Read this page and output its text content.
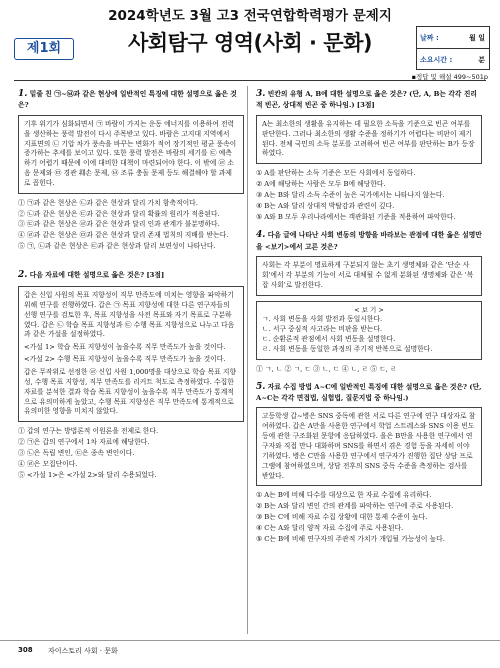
2024학년도 3월 고3 전국연합학력평가 문제지
제1회	사회탐구 영역(사회 · 문화)	날짜 :	월 일
소요시간 :	분
▪정답 및 해설 499~501p
1. 밑줄 친 ㉠~㉥과 같은 현상에 일반적인 특징에 대한 설명으로 옳은 것은?

기후 위기가 심화되면서 ㉠ 바람이 가지는 운동 에너지를 이용하여 전력을 생산하는 풍력 발전이 다시 주목받고 있다. 바람은 고지대 지역에서 지표면의 ㉡ 기압 차가 풍속을 바꾸는 변화가 적어 장기적인 평균 풍속이 증가하는 추세를 보이고 있다. 또한 풍력 발전은 바람의 세기를 ㉢ 예측하기 어렵기 때문에 이에 대비한 대책이 마련되어야 한다. 이 밖에 ㉣ 소음 문제와 ㉤ 경관 훼손 문제, ㉥ 조류 충돌 문제 등도 해결해야 할 과제로 꼽힌다.

① ㉠과 같은 현상은 ㉡과 같은 현상과 달리 가치 함축적이다.
② ㉡과 같은 현상은 ㉢과 같은 현상과 달리 확률의 원리가 적용된다.
③ ㉢과 같은 현상은 ㉣과 같은 현상과 달리 인과 관계가 불분명하다.
④ ㉣과 같은 현상은 ㉤과 같은 현상과 달리 존재 법칙의 지배를 받는다.
⑤ ㉠, ㉡과 같은 현상은 ㉢과 같은 현상과 달리 보편성이 나타난다.
2. 다음 자료에 대한 설명으로 옳은 것은? [3점]

갑은 신입 사원의 목표 지향성이 직무 만족도에 미치는 영향을 파악하기 위해 연구를 진행하였다. 갑은 ㉠ 목표 지향성에 대한 다른 연구자들의 선행 연구를 검토한 후, 목표 지향성을 사전 목표와 자기 목표로 구분하였다. 갑은 ㉡ 학습 목표 지향성과 ㉢ 수행 목표 지향성으로 나누고 다음과 같은 가설을 설정하였다.

<가설 1> 학습 목표 지향성이 높을수록 직무 만족도가 높을 것이다.

<가설 2> 수행 목표 지향성이 높을수록 직무 만족도가 높을 것이다.

갑은 무작위로 선정한 ㉣ 신입 사원 1,000명을 대상으로 학습 목표 지향성, 수행 목표 지향성, 직무 만족도를 리커트 척도로 측정하였다. 수집한 자료를 분석한 결과 학습 목표 지향성이 높을수록 직무 만족도가 통계적으로 유의미하게 높았고, 수행 목표 지향성은 직무 만족도에 통계적으로 유의미한 영향을 미치지 않았다.

① 갑의 연구는 방법론적 이원론을 전제로 한다.
② ㉠은 갑의 연구에서 1차 자료에 해당한다.
③ ㉡은 독립 변인, ㉢은 종속 변인이다.
④ ㉣은 모집단이다.
⑤ <가설 1>은 <가설 2>와 달리 수용되었다.
3. 빈칸의 유형 A, B에 대한 설명으로 옳은 것은? (단, A, B는 각각 진리적 빈곤, 상대적 빈곤 중 하나임.) [3점]

A는 최소한의 생활을 유지하는 데 필요한 소득을 기준으로 빈곤 여부를 판단한다. 그러나 최소한의 생활 수준을 정하기가 어렵다는 비판이 제기된다. 전체 국민의 소득 분포를 고려하여 빈곤 여부를 판단하는 B가 등장하였다.

① A를 판단하는 소득 기준은 모든 사회에서 동일하다.
② A에 해당하는 사람은 모두 B에 해당한다.
③ A는 B와 달리 소득 수준이 높은 국가에서는 나타나지 않는다.
④ B는 A와 달리 상대적 박탈감과 관련이 깊다.
⑤ A와 B 모두 우리나라에서는 객관화된 기준을 적용하여 파악한다.
4. 다음 글에 나타난 사회 변동의 방향을 바라보는 관점에 대한 옳은 설명만을 <보기>에서 고른 것은?

사회는 각 부분이 명료하게 구분되지 않는 초기 생명체와 같은 '단순 사회'에서 각 부분의 기능이 서로 대체될 수 없게 분화된 생명체와 같은 '복잡 사회'로 발전한다.

< 보 기 >

ㄱ. 사회 변동을 사회 발전과 동일시한다.

ㄴ. 서구 중심적 사고라는 비판을 받는다.

ㄷ. 순환론적 관점에서 사회 변동을 설명한다.

ㄹ. 사회 변동을 동일한 과정의 주기적 반복으로 설명한다.

① ㄱ, ㄴ ② ㄱ, ㄷ ③ ㄴ, ㄷ ④ ㄴ, ㄹ ⑤ ㄷ, ㄹ
5. 자료 수집 방법 A~C에 일반적인 특징에 대한 설명으로 옳은 것은? (단, A~C는 각각 면접법, 실험법, 질문지법 중 하나임.)

고등학생 갑~병은 SNS 중독에 관한 서로 다른 연구에 연구 대상자로 참여하였다. 갑은 A만을 사용한 연구에서 학업 스트레스와 SNS 이용 빈도 등에 관한 구조화된 문항에 응답하였다. 을은 B만을 사용한 연구에서 연구자와 직접 만나 대화하며 SNS를 하면서 겪은 경험 등을 자세히 이야기하였다. 병은 C만을 사용한 연구에서 연구자가 진행한 집단 상담 프로그램에 참여하였으며, 상담 전후의 SNS 중독 수준을 측정하는 검사를 받았다.

① A는 B에 비해 다수를 대상으로 한 자료 수집에 유리하다.
② B는 A와 달리 변인 간의 관계를 파악하는 연구에 주로 사용된다.
③ B는 C에 비해 자료 수집 상황에 대한 통제 수준이 높다.
④ C는 A와 달리 양적 자료 수집에 주로 사용된다.
⑤ C는 B에 비해 연구자의 주관적 가치가 개입될 가능성이 높다.
308 자이스토리 사회 · 문화
